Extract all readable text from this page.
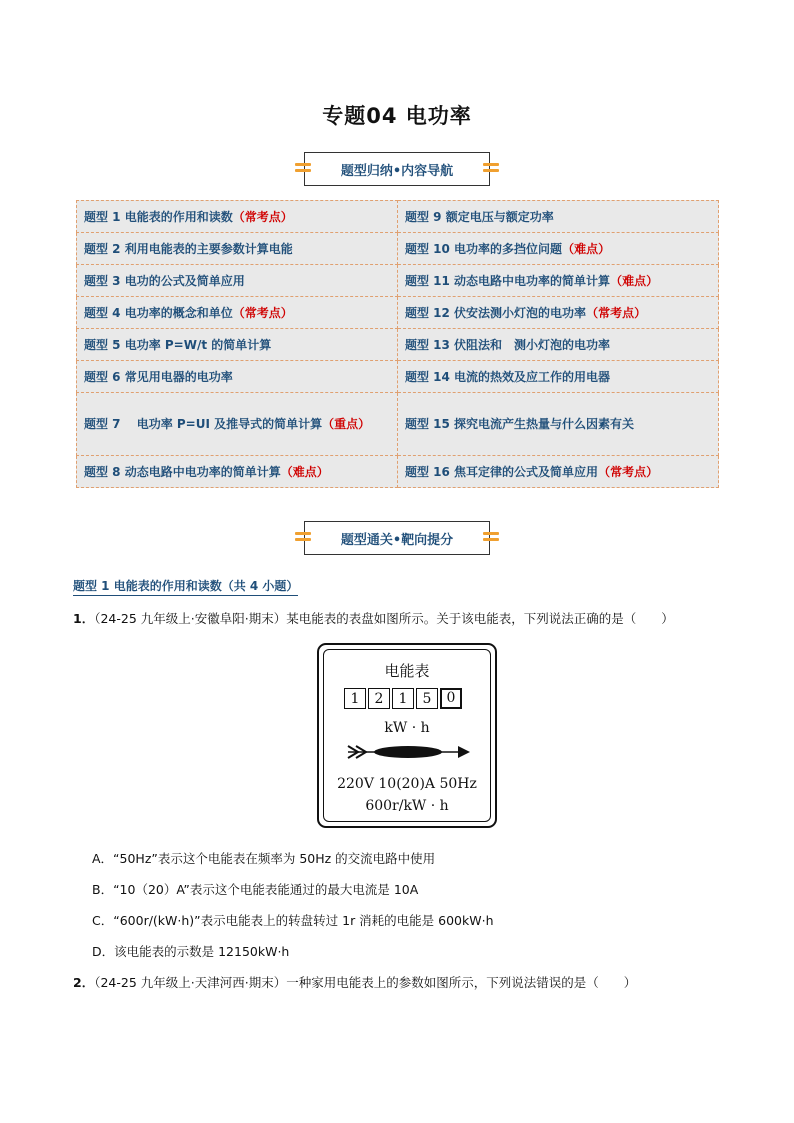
专题04 电功率
题型归纳•内容导航
题型 1 电能表的作用和读数（常考点）	题型 9 额定电压与额定功率
题型 2 利用电能表的主要参数计算电能	题型 10 电功率的多挡位问题（难点）
题型 3 电功的公式及简单应用	题型 11 动态电路中电功率的简单计算（难点）
题型 4 电功率的概念和单位（常考点）	题型 12 伏安法测小灯泡的电功率（常考点）
题型 5 电功率 P=W/t 的简单计算	题型 13 伏阻法和　测小灯泡的电功率
题型 6 常见用电器的电功率	题型 14 电流的热效及应工作的用电器
题型 7　 电功率 P=UI 及推导式的简单计算（重点）	题型 15 探究电流产生热量与什么因素有关
题型 8 动态电路中电功率的简单计算（难点）	题型 16 焦耳定律的公式及简单应用（常考点）
题型通关•靶向提分
题型 1 电能表的作用和读数（共 4 小题）
1．（24-25 九年级上·安徽阜阳·期末）某电能表的表盘如图所示。关于该电能表，下列说法正确的是（　　）
电能表
1	2	1	5	0
kW · h
220V 10(20)A 50Hz
600r/kW · h
A．“50Hz”表示这个电能表在频率为 50Hz 的交流电路中使用
B．“10（20）A”表示这个电能表能通过的最大电流是 10A
C．“600r/(kW·h)”表示电能表上的转盘转过 1r 消耗的电能是 600kW·h
D．该电能表的示数是 12150kW·h
2．（24-25 九年级上·天津河西·期末）一种家用电能表上的参数如图所示，下列说法错误的是（　　）
